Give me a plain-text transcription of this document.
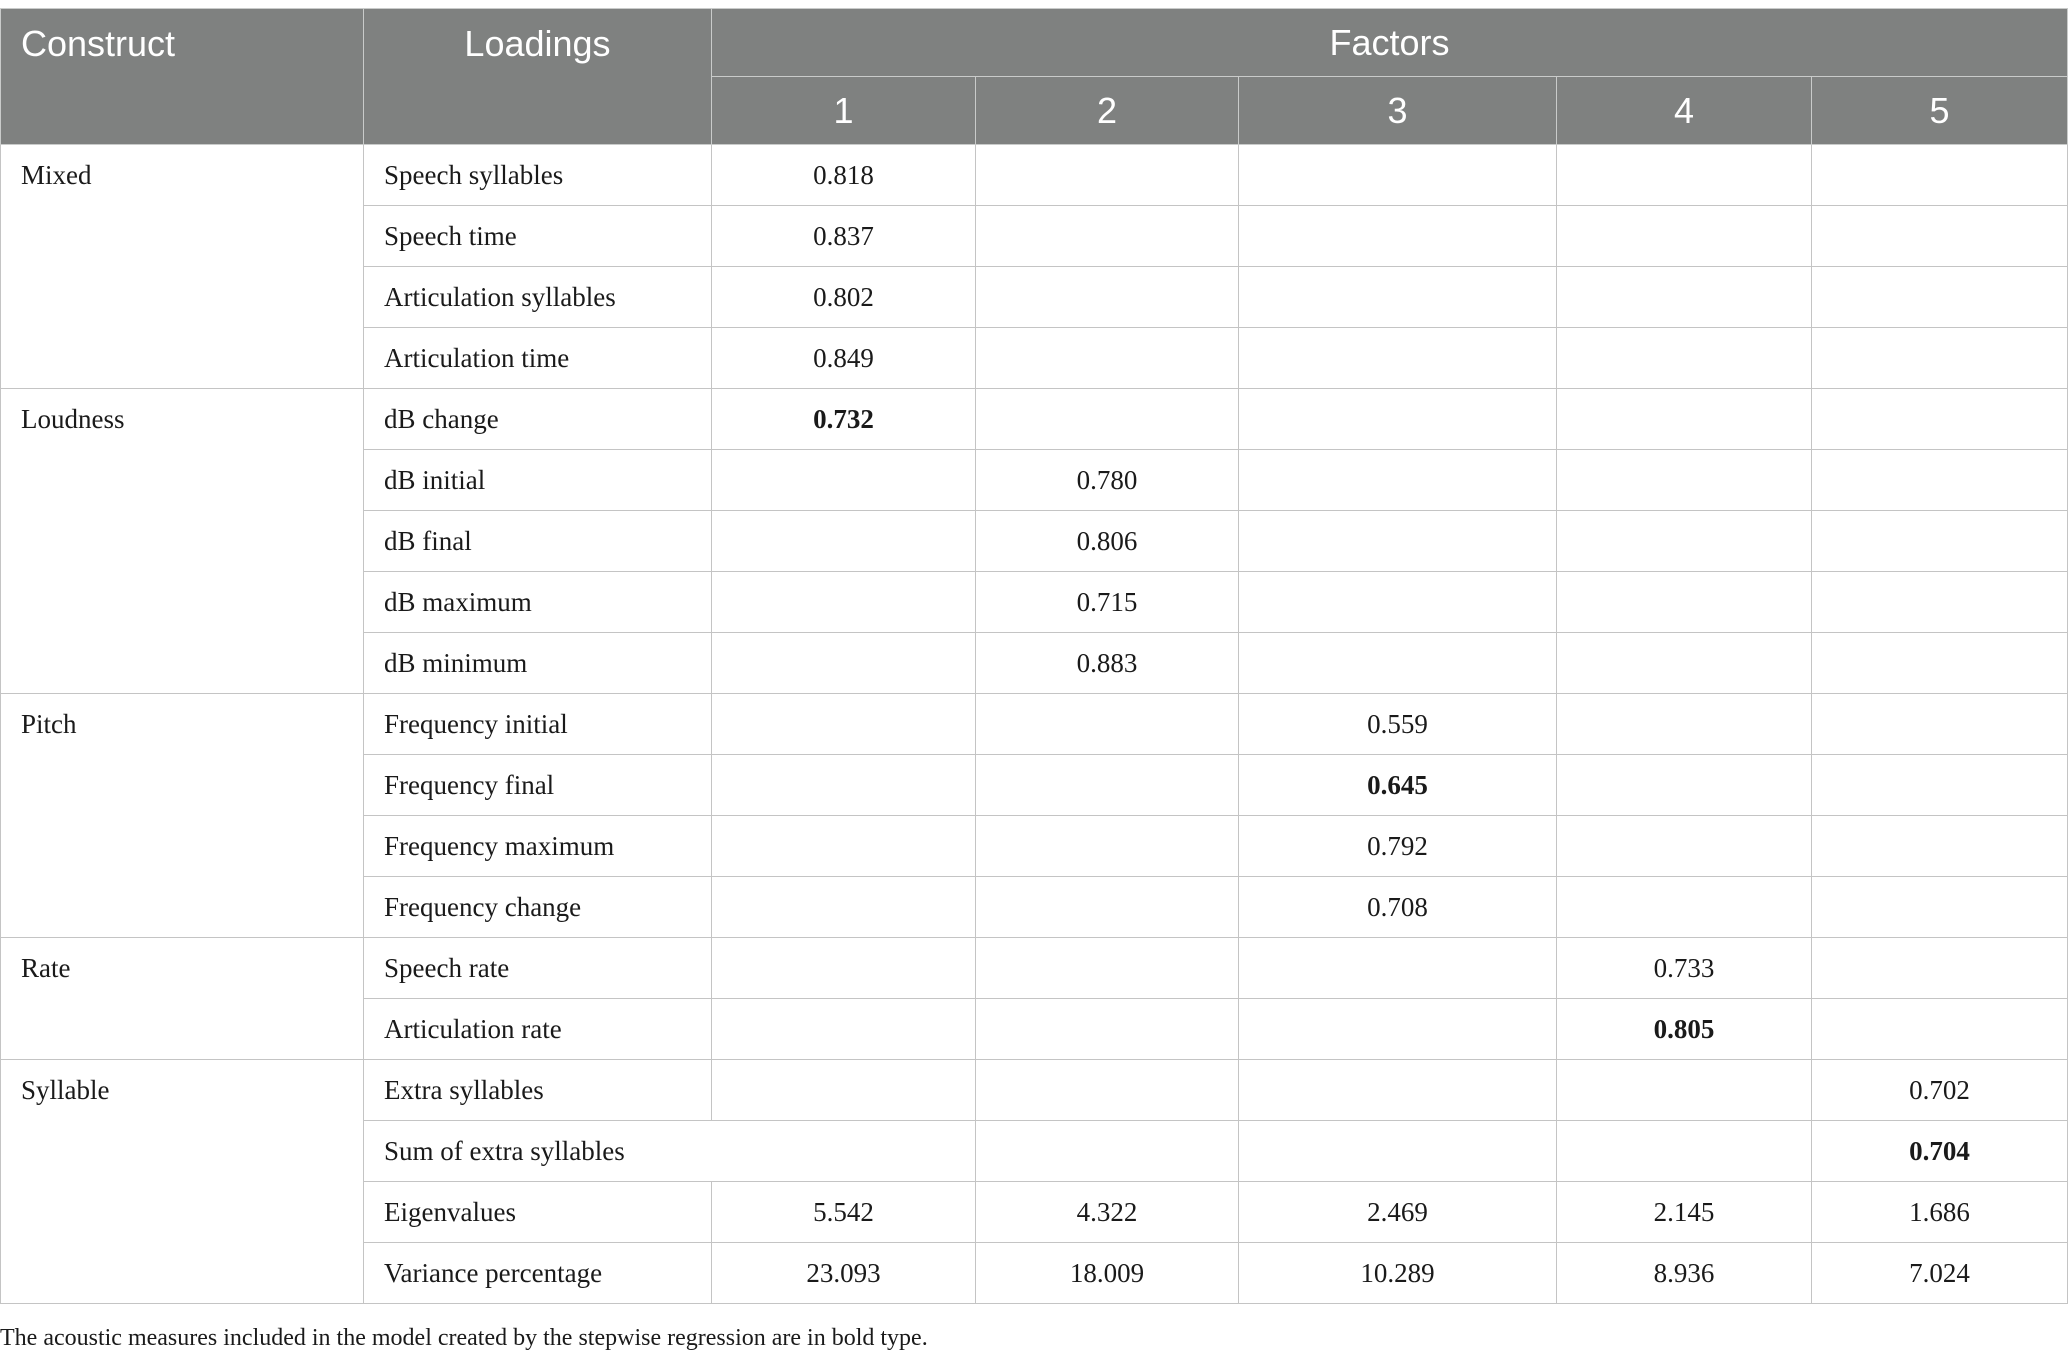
Construct	Loadings	Factors				
		1	2	3	4	5
Mixed	Speech syllables	0.818				
	Speech time	0.837				
	Articulation syllables	0.802				
	Articulation time	0.849				
Loudness	dB change	0.732				
	dB initial		0.780			
	dB final		0.806			
	dB maximum		0.715			
	dB minimum		0.883			
Pitch	Frequency initial			0.559		
	Frequency final			0.645		
	Frequency maximum			0.792		
	Frequency change			0.708		
Rate	Speech rate				0.733	
	Articulation rate				0.805	
Syllable	Extra syllables					0.702
	Sum of extra syllables					0.704
	Eigenvalues	5.542	4.322	2.469	2.145	1.686
	Variance percentage	23.093	18.009	10.289	8.936	7.024
The acoustic measures included in the model created by the stepwise regression are in bold type.
